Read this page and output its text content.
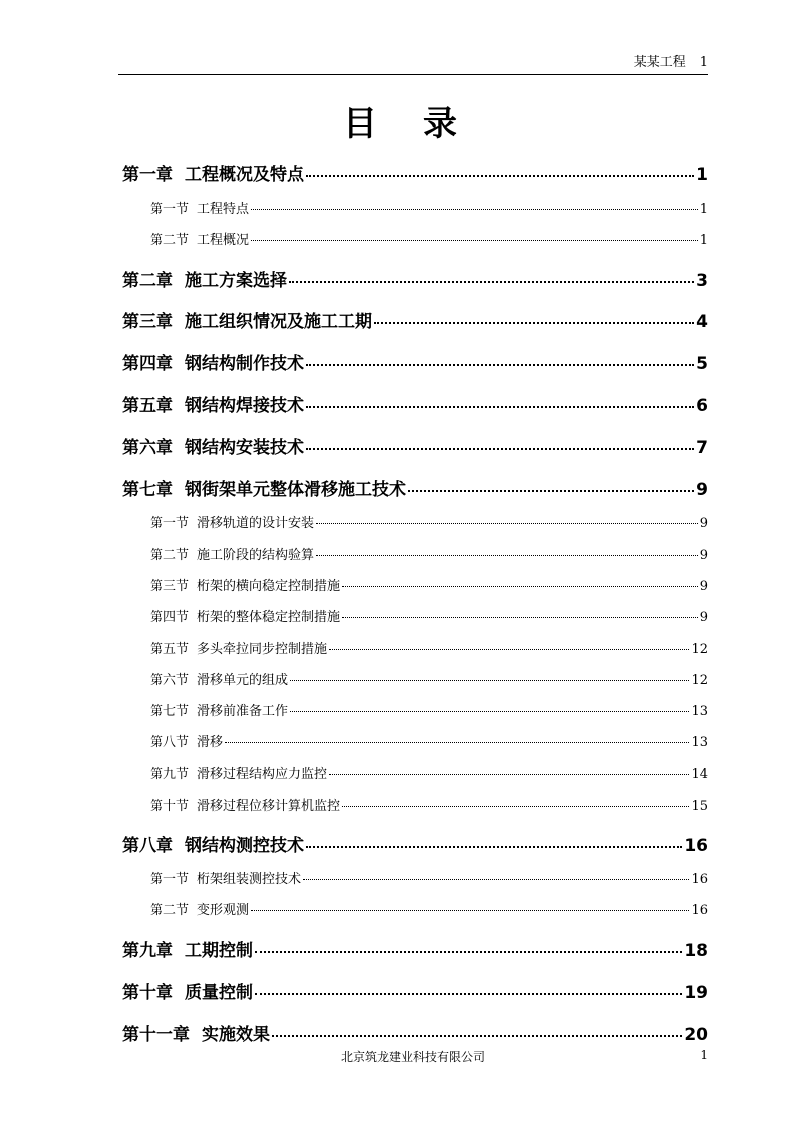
某某工程 1
目录
第一章 工程概况及特点	1
第一节 工程特点	1
第二节 工程概况	1
第二章 施工方案选择	3
第三章 施工组织情况及施工工期	4
第四章 钢结构制作技术	5
第五章 钢结构焊接技术	6
第六章 钢结构安装技术	7
第七章 钢街架单元整体滑移施工技术	9
第一节 滑移轨道的设计安装	9
第二节 施工阶段的结构验算	9
第三节 桁架的横向稳定控制措施	9
第四节 桁架的整体稳定控制措施	9
第五节 多头牵拉同步控制措施	12
第六节 滑移单元的组成	12
第七节 滑移前准备工作	13
第八节 滑移	13
第九节 滑移过程结构应力监控	14
第十节 滑移过程位移计算机监控	15
第八章 钢结构测控技术	16
第一节 桁架组装测控技术	16
第二节 变形观测	16
第九章 工期控制	18
第十章 质量控制	19
第十一章 实施效果	20
北京筑龙建业科技有限公司	1
